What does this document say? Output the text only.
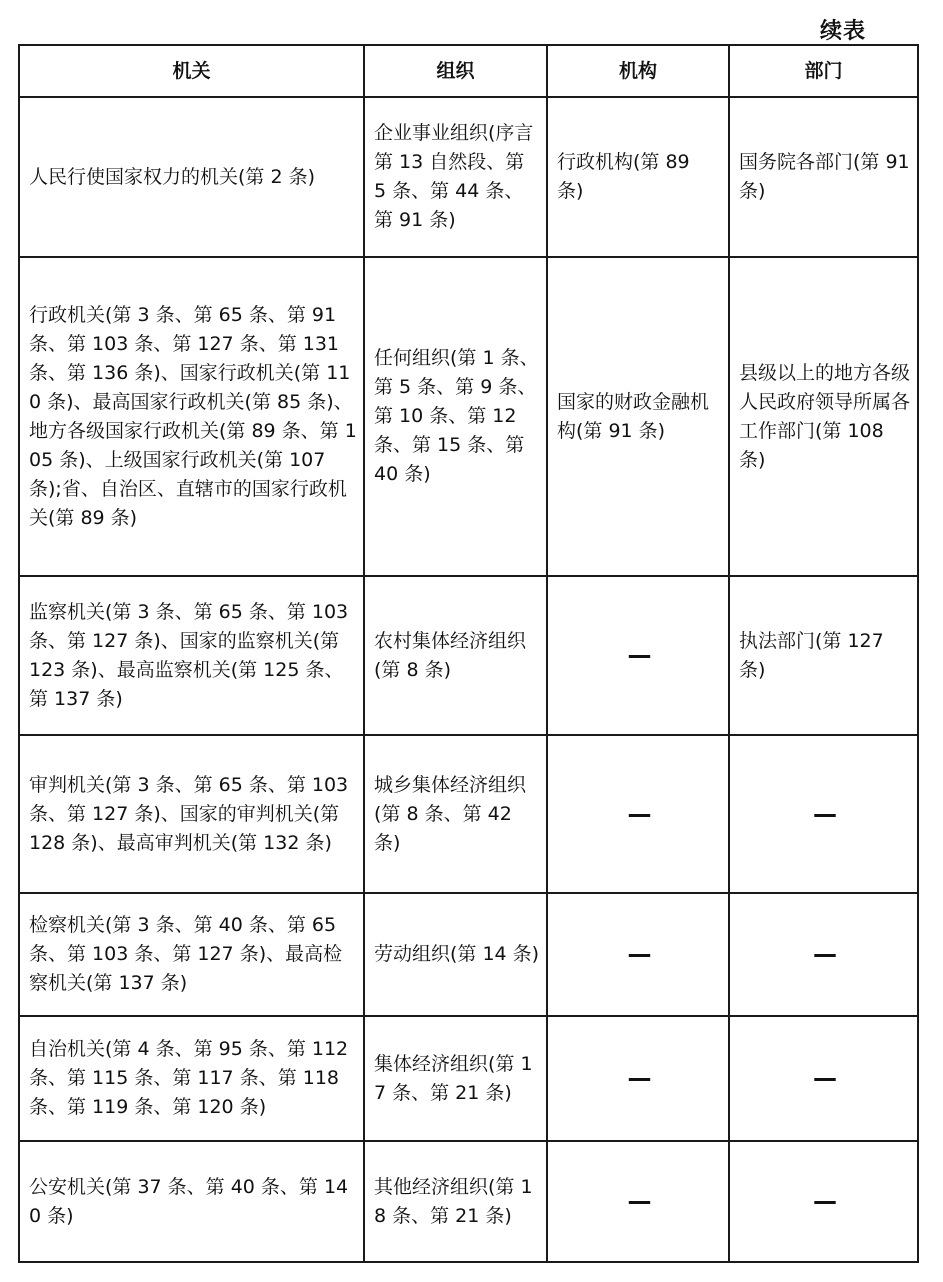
续表
机关	组织	机构	部门
人民行使国家权力的机关(第 2 条)	企业事业组织(序言第 13 自然段、第 5 条、第 44 条、第 91 条)	行政机构(第 89 条)	国务院各部门(第 91 条)
行政机关(第 3 条、第 65 条、第 91 条、第 103 条、第 127 条、第 131 条、第 136 条)、国家行政机关(第 110 条)、最高国家行政机关(第 85 条)、地方各级国家行政机关(第 89 条、第 105 条)、上级国家行政机关(第 107 条);省、自治区、直辖市的国家行政机关(第 89 条)	任何组织(第 1 条、第 5 条、第 9 条、第 10 条、第 12 条、第 15 条、第 40 条)	国家的财政金融机构(第 91 条)	县级以上的地方各级人民政府领导所属各工作部门(第 108 条)
监察机关(第 3 条、第 65 条、第 103 条、第 127 条)、国家的监察机关(第 123 条)、最高监察机关(第 125 条、第 137 条)	农村集体经济组织(第 8 条)	—	执法部门(第 127 条)
审判机关(第 3 条、第 65 条、第 103 条、第 127 条)、国家的审判机关(第 128 条)、最高审判机关(第 132 条)	城乡集体经济组织(第 8 条、第 42 条)	—	—
检察机关(第 3 条、第 40 条、第 65 条、第 103 条、第 127 条)、最高检察机关(第 137 条)	劳动组织(第 14 条)	—	—
自治机关(第 4 条、第 95 条、第 112 条、第 115 条、第 117 条、第 118 条、第 119 条、第 120 条)	集体经济组织(第 17 条、第 21 条)	—	—
公安机关(第 37 条、第 40 条、第 140 条)	其他经济组织(第 18 条、第 21 条)	—	—
